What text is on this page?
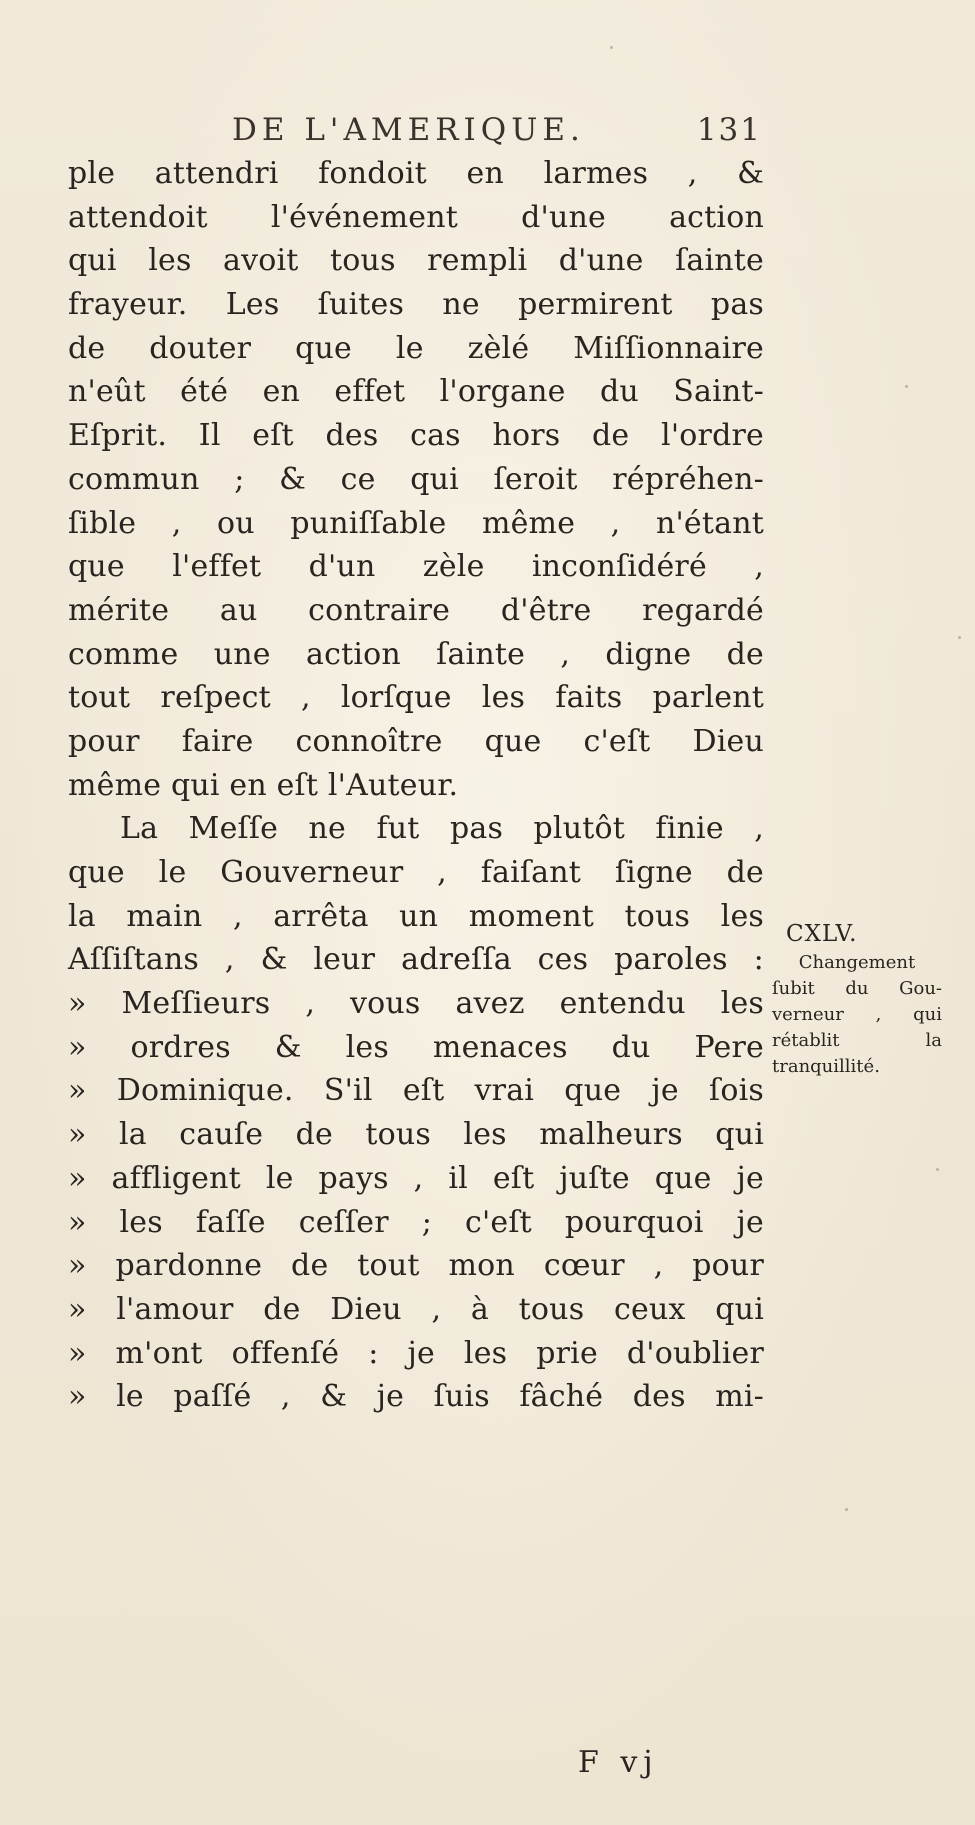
DE L'AMERIQUE.	131
ple attendri fondoit en larmes , &
attendoit l'événement d'une action
qui les avoit tous rempli d'une ſainte
frayeur. Les ſuites ne permirent pas
de douter que le zèlé Miſſionnaire
n'eût été en effet l'organe du Saint-
Eſprit. Il eſt des cas hors de l'ordre
commun ; & ce qui ſeroit répréhen-
ſible , ou puniſſable même , n'étant
que l'effet d'un zèle inconſidéré ,
mérite au contraire d'être regardé
comme une action ſainte , digne de
tout reſpect , lorſque les faits parlent
pour faire connoître que c'eſt Dieu
même qui en eſt l'Auteur.
La Meſſe ne fut pas plutôt finie ,
que le Gouverneur , faiſant ſigne de
la main , arrêta un moment tous les
Aſſiſtans , & leur adreſſa ces paroles :
» Meſſieurs , vous avez entendu les
» ordres & les menaces du Pere
» Dominique. S'il eſt vrai que je ſois
» la cauſe de tous les malheurs qui
» affligent le pays , il eſt juſte que je
» les faſſe ceſſer ; c'eſt pourquoi je
» pardonne de tout mon cœur , pour
» l'amour de Dieu , à tous ceux qui
» m'ont offenſé : je les prie d'oublier
» le paſſé , & je ſuis fâché des mi-
CXLV.
Changement
ſubit du Gou-
verneur , qui
rétablit la
tranquillité.
F vj
